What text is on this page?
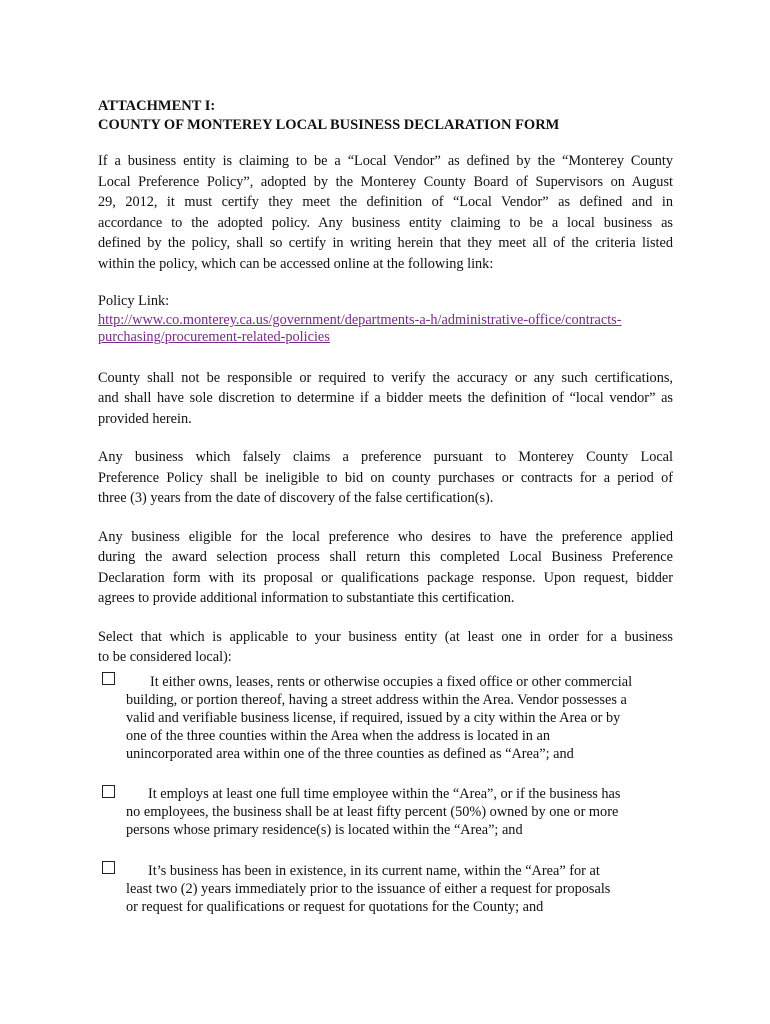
ATTACHMENT I:
COUNTY OF MONTEREY LOCAL BUSINESS DECLARATION FORM
If a business entity is claiming to be a “Local Vendor” as defined by the “Monterey County
Local Preference Policy”, adopted by the Monterey County Board of Supervisors on August
29, 2012, it must certify they meet the definition of “Local Vendor” as defined and in
accordance to the adopted policy. Any business entity claiming to be a local business as
defined by the policy, shall so certify in writing herein that they meet all of the criteria listed
within the policy, which can be accessed online at the following link:
Policy Link:
http://www.co.monterey.ca.us/government/departments-a-h/administrative-office/contracts-
purchasing/procurement-related-policies
County shall not be responsible or required to verify the accuracy or any such certifications,
and shall have sole discretion to determine if a bidder meets the definition of “local vendor” as
provided herein.
Any business which falsely claims a preference pursuant to Monterey County Local
Preference Policy shall be ineligible to bid on county purchases or contracts for a period of
three (3) years from the date of discovery of the false certification(s).
Any business eligible for the local preference who desires to have the preference applied
during the award selection process shall return this completed Local Business Preference
Declaration form with its proposal or qualifications package response. Upon request, bidder
agrees to provide additional information to substantiate this certification.
Select that which is applicable to your business entity (at least one in order for a business
to be considered local):
It either owns, leases, rents or otherwise occupies a fixed office or other commercial
building, or portion thereof, having a street address within the Area. Vendor possesses a
valid and verifiable business license, if required, issued by a city within the Area or by
one of the three counties within the Area when the address is located in an
unincorporated area within one of the three counties as defined as “Area”; and
It employs at least one full time employee within the “Area”, or if the business has
no employees, the business shall be at least fifty percent (50%) owned by one or more
persons whose primary residence(s) is located within the “Area”; and
It’s business has been in existence, in its current name, within the “Area” for at
least two (2) years immediately prior to the issuance of either a request for proposals
or request for qualifications or request for quotations for the County; and
